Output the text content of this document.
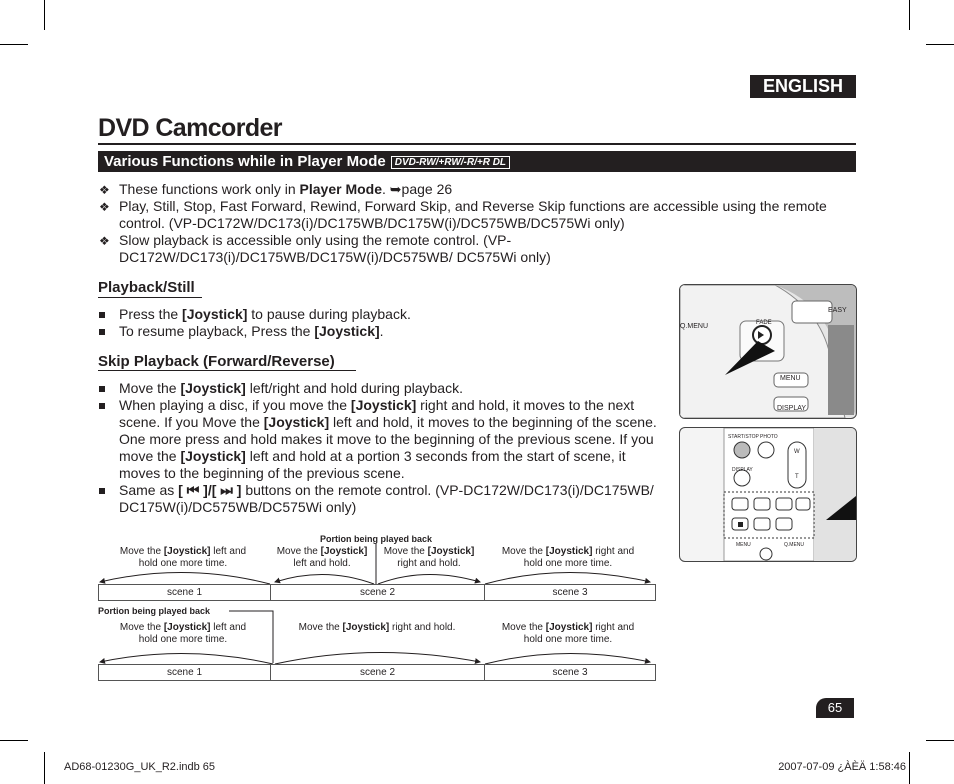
ENGLISH
DVD Camcorder
Various Functions while in Player Mode DVD-RW/+RW/-R/+R DL
❖ These functions work only in Player Mode. ➥page 26
❖ Play, Still, Stop, Fast Forward, Rewind, Forward Skip, and Reverse Skip functions are accessible using the remote control. (VP-DC172W/DC173(i)/DC175WB/DC175W(i)/DC575WB/DC575Wi only)
❖ Slow playback is accessible only using the remote control. (VP-DC172W/DC173(i)/DC175WB/DC175W(i)/DC575WB/ DC575Wi only)
Playback/Still
Press the [Joystick] to pause during playback.
To resume playback, Press the [Joystick].
Skip Playback (Forward/Reverse)
Move the [Joystick] left/right and hold during playback.
When playing a disc, if you move the [Joystick] right and hold, it moves to the next scene. If you Move the [Joystick] left and hold, it moves to the beginning of the scene. One more press and hold makes it move to the beginning of the previous scene. If you move the [Joystick] left and hold at a portion 3 seconds from the start of scene, it moves to the beginning of the previous scene.
Same as [ ⏮ ]/[ ⏭ ] buttons on the remote control. (VP-DC172W/DC173(i)/DC175WB/ DC175W(i)/DC575WB/DC575Wi only)
Portion being played back
Move the [Joystick] left and hold one more time.
Move the [Joystick] left and hold.
Move the [Joystick] right and hold.
Move the [Joystick] right and hold one more time.
scene 1	scene 2	scene 3
Portion being played back
Move the [Joystick] left and hold one more time.
Move the [Joystick] right and hold.	Move the [Joystick] right and hold one more time.
scene 1	scene 2	scene 3
Q.MENU
EASY
FADE
MENU
DISPLAY
START/STOP PHOTO
W
T
DISPLAY
MENU	Q.MENU
65
AD68-01230G_UK_R2.indb 65	2007-07-09 ¿ÀÈÄ 1:58:46
